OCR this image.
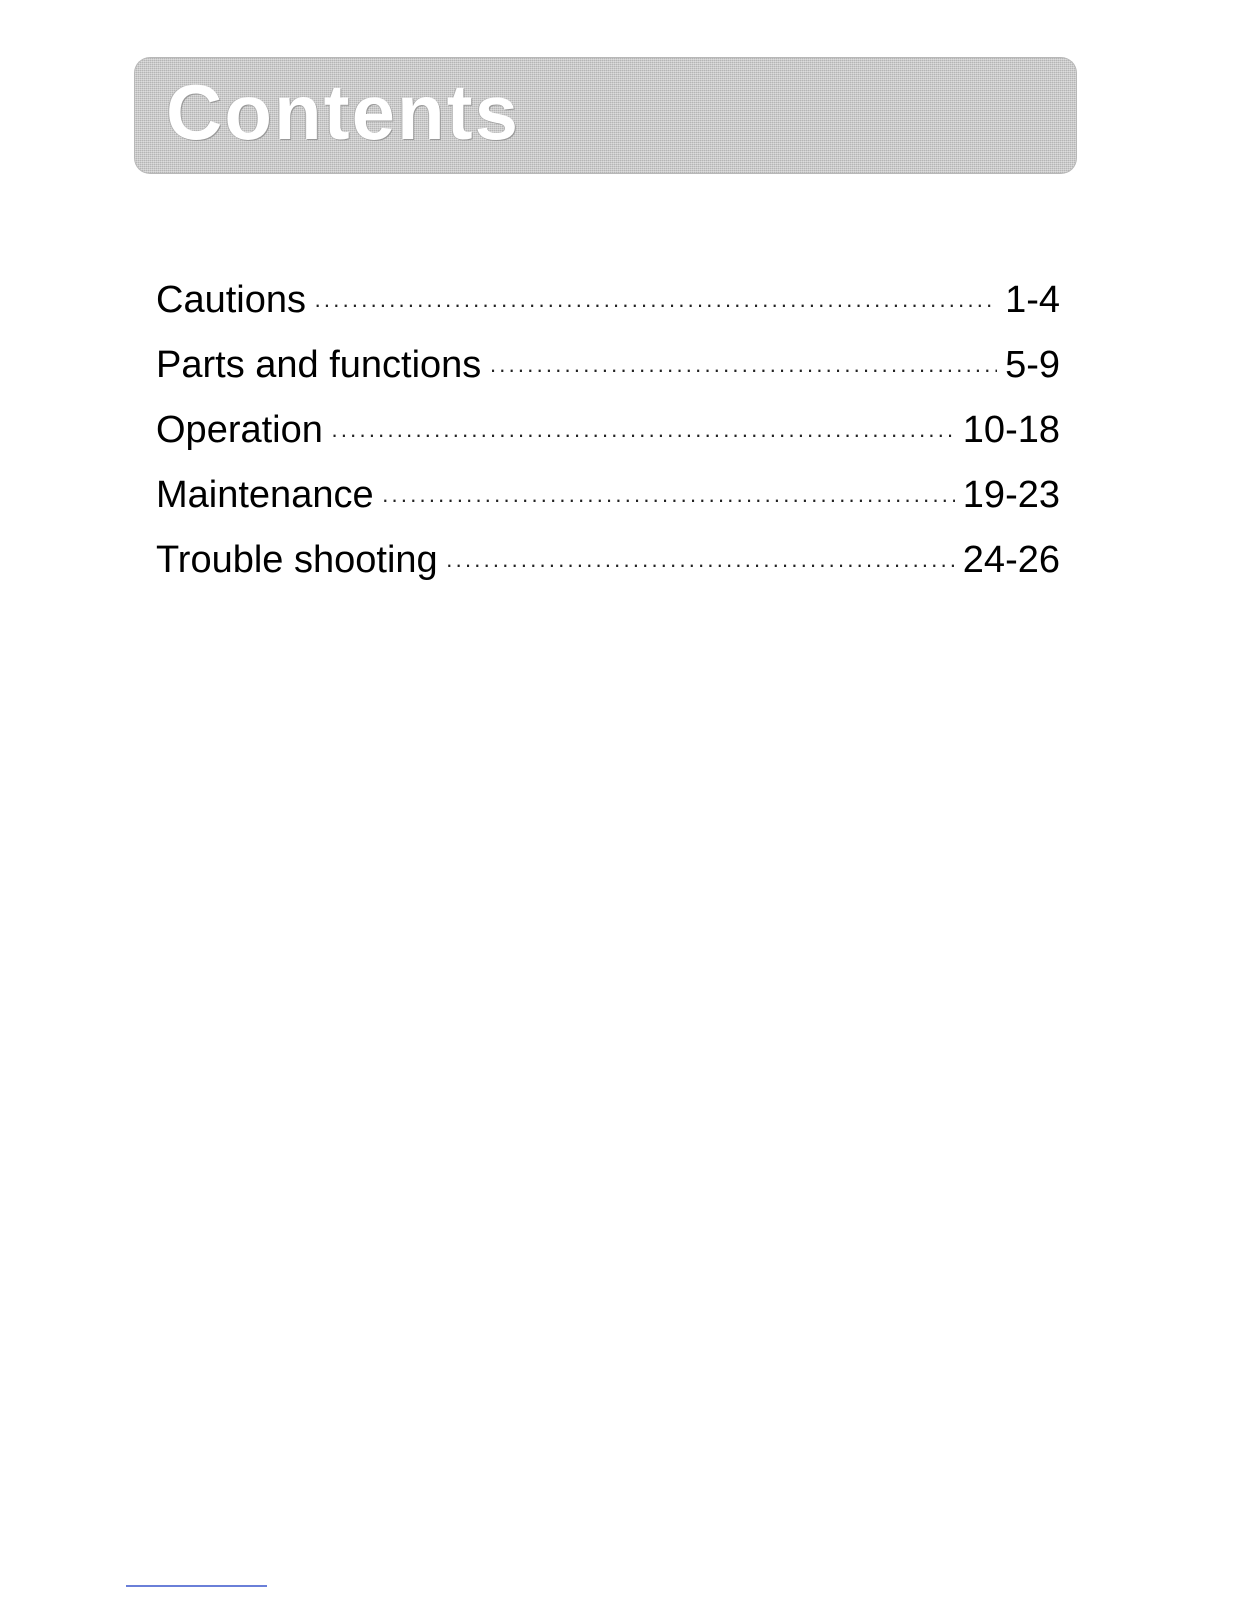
Contents
Cautions ·····	1-4
Parts and functions ·····	5-9
Operation ·····	10-18
Maintenance ·····	19-23
Trouble shooting ·····	24-26
